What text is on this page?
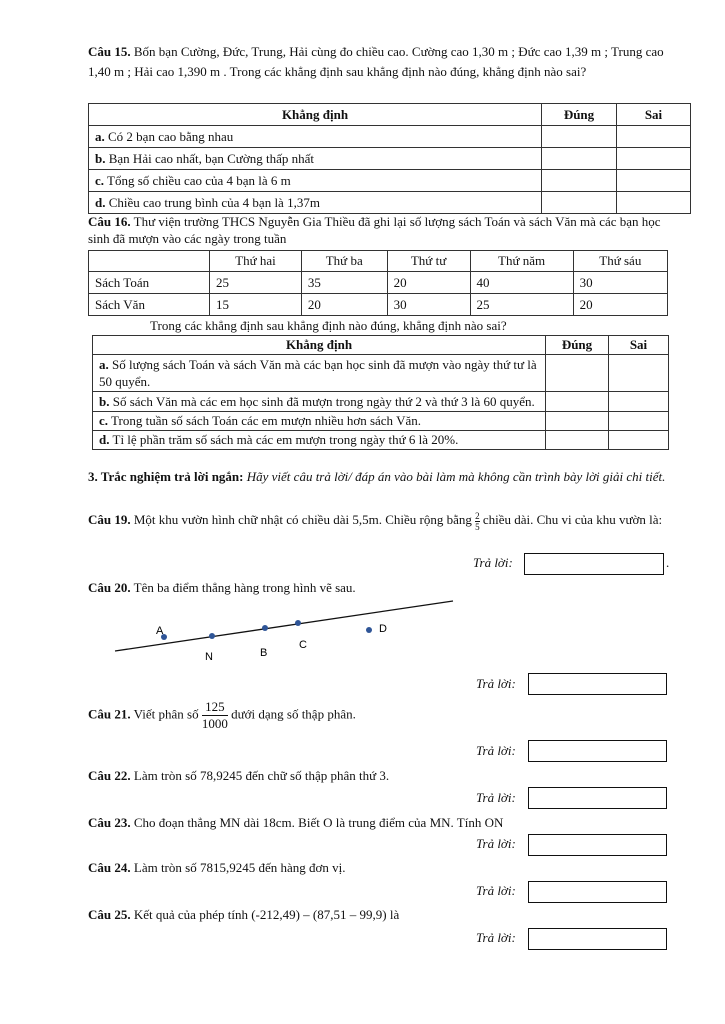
Câu 15. Bốn bạn Cường, Đức, Trung, Hải cùng đo chiều cao. Cường cao 1,30 m ; Đức cao 1,39 m ; Trung cao 1,40 m ; Hải cao 1,390 m . Trong các khẳng định sau khẳng định nào đúng, khẳng định nào sai?
Khẳng định	Đúng	Sai
a. Có 2 bạn cao bằng nhau		
b. Bạn Hải cao nhất, bạn Cường thấp nhất		
c. Tổng số chiều cao của 4 bạn là 6 m		
d. Chiều cao trung bình của 4 bạn là 1,37m		
Câu 16. Thư viện trường THCS Nguyễn Gia Thiều đã ghi lại số lượng sách Toán và sách Văn mà các bạn học sinh đã mượn vào các ngày trong tuần
	Thứ hai	Thứ ba	Thứ tư	Thứ năm	Thứ sáu
Sách Toán	25	35	20	40	30
Sách Văn	15	20	30	25	20
Trong các khẳng định sau khẳng định nào đúng, khẳng định nào sai?
Khẳng định	Đúng	Sai
a. Số lượng sách Toán và sách Văn mà các bạn học sinh đã mượn vào ngày thứ tư là 50 quyển.		
b. Số sách Văn mà các em học sinh đã mượn trong ngày thứ 2 và thứ 3 là 60 quyển.		
c. Trong tuần số sách Toán các em mượn nhiều hơn sách Văn.		
d. Tỉ lệ phần trăm số sách mà các em mượn trong ngày thứ 6 là 20%.		
3. Trắc nghiệm trả lời ngắn: Hãy viết câu trả lời/ đáp án vào bài làm mà không cần trình bày lời giải chi tiết.
Câu 19. Một khu vườn hình chữ nhật có chiều dài 5,5m. Chiều rộng bằng $\frac{2}{5}$ chiều dài. Chu vi của khu vườn là:
Trả lời:	.
Câu 20. Tên ba điểm thẳng hàng trong hình vẽ sau.
A
N	B
C
D
Trả lời:
Câu 21. Viết phân số $\frac{125}{1000}$ dưới dạng số thập phân.
Trả lời:
Câu 22. Làm tròn số 78,9245 đến chữ số thập phân thứ 3.
Trả lời:
Câu 23. Cho đoạn thẳng MN dài 18cm. Biết O là trung điểm của MN. Tính ON
Trả lời:
Câu 24. Làm tròn số 7815,9245 đến hàng đơn vị.
Trả lời:
Câu 25. Kết quả của phép tính (-212,49) – (87,51 – 99,9) là
Trả lời:
